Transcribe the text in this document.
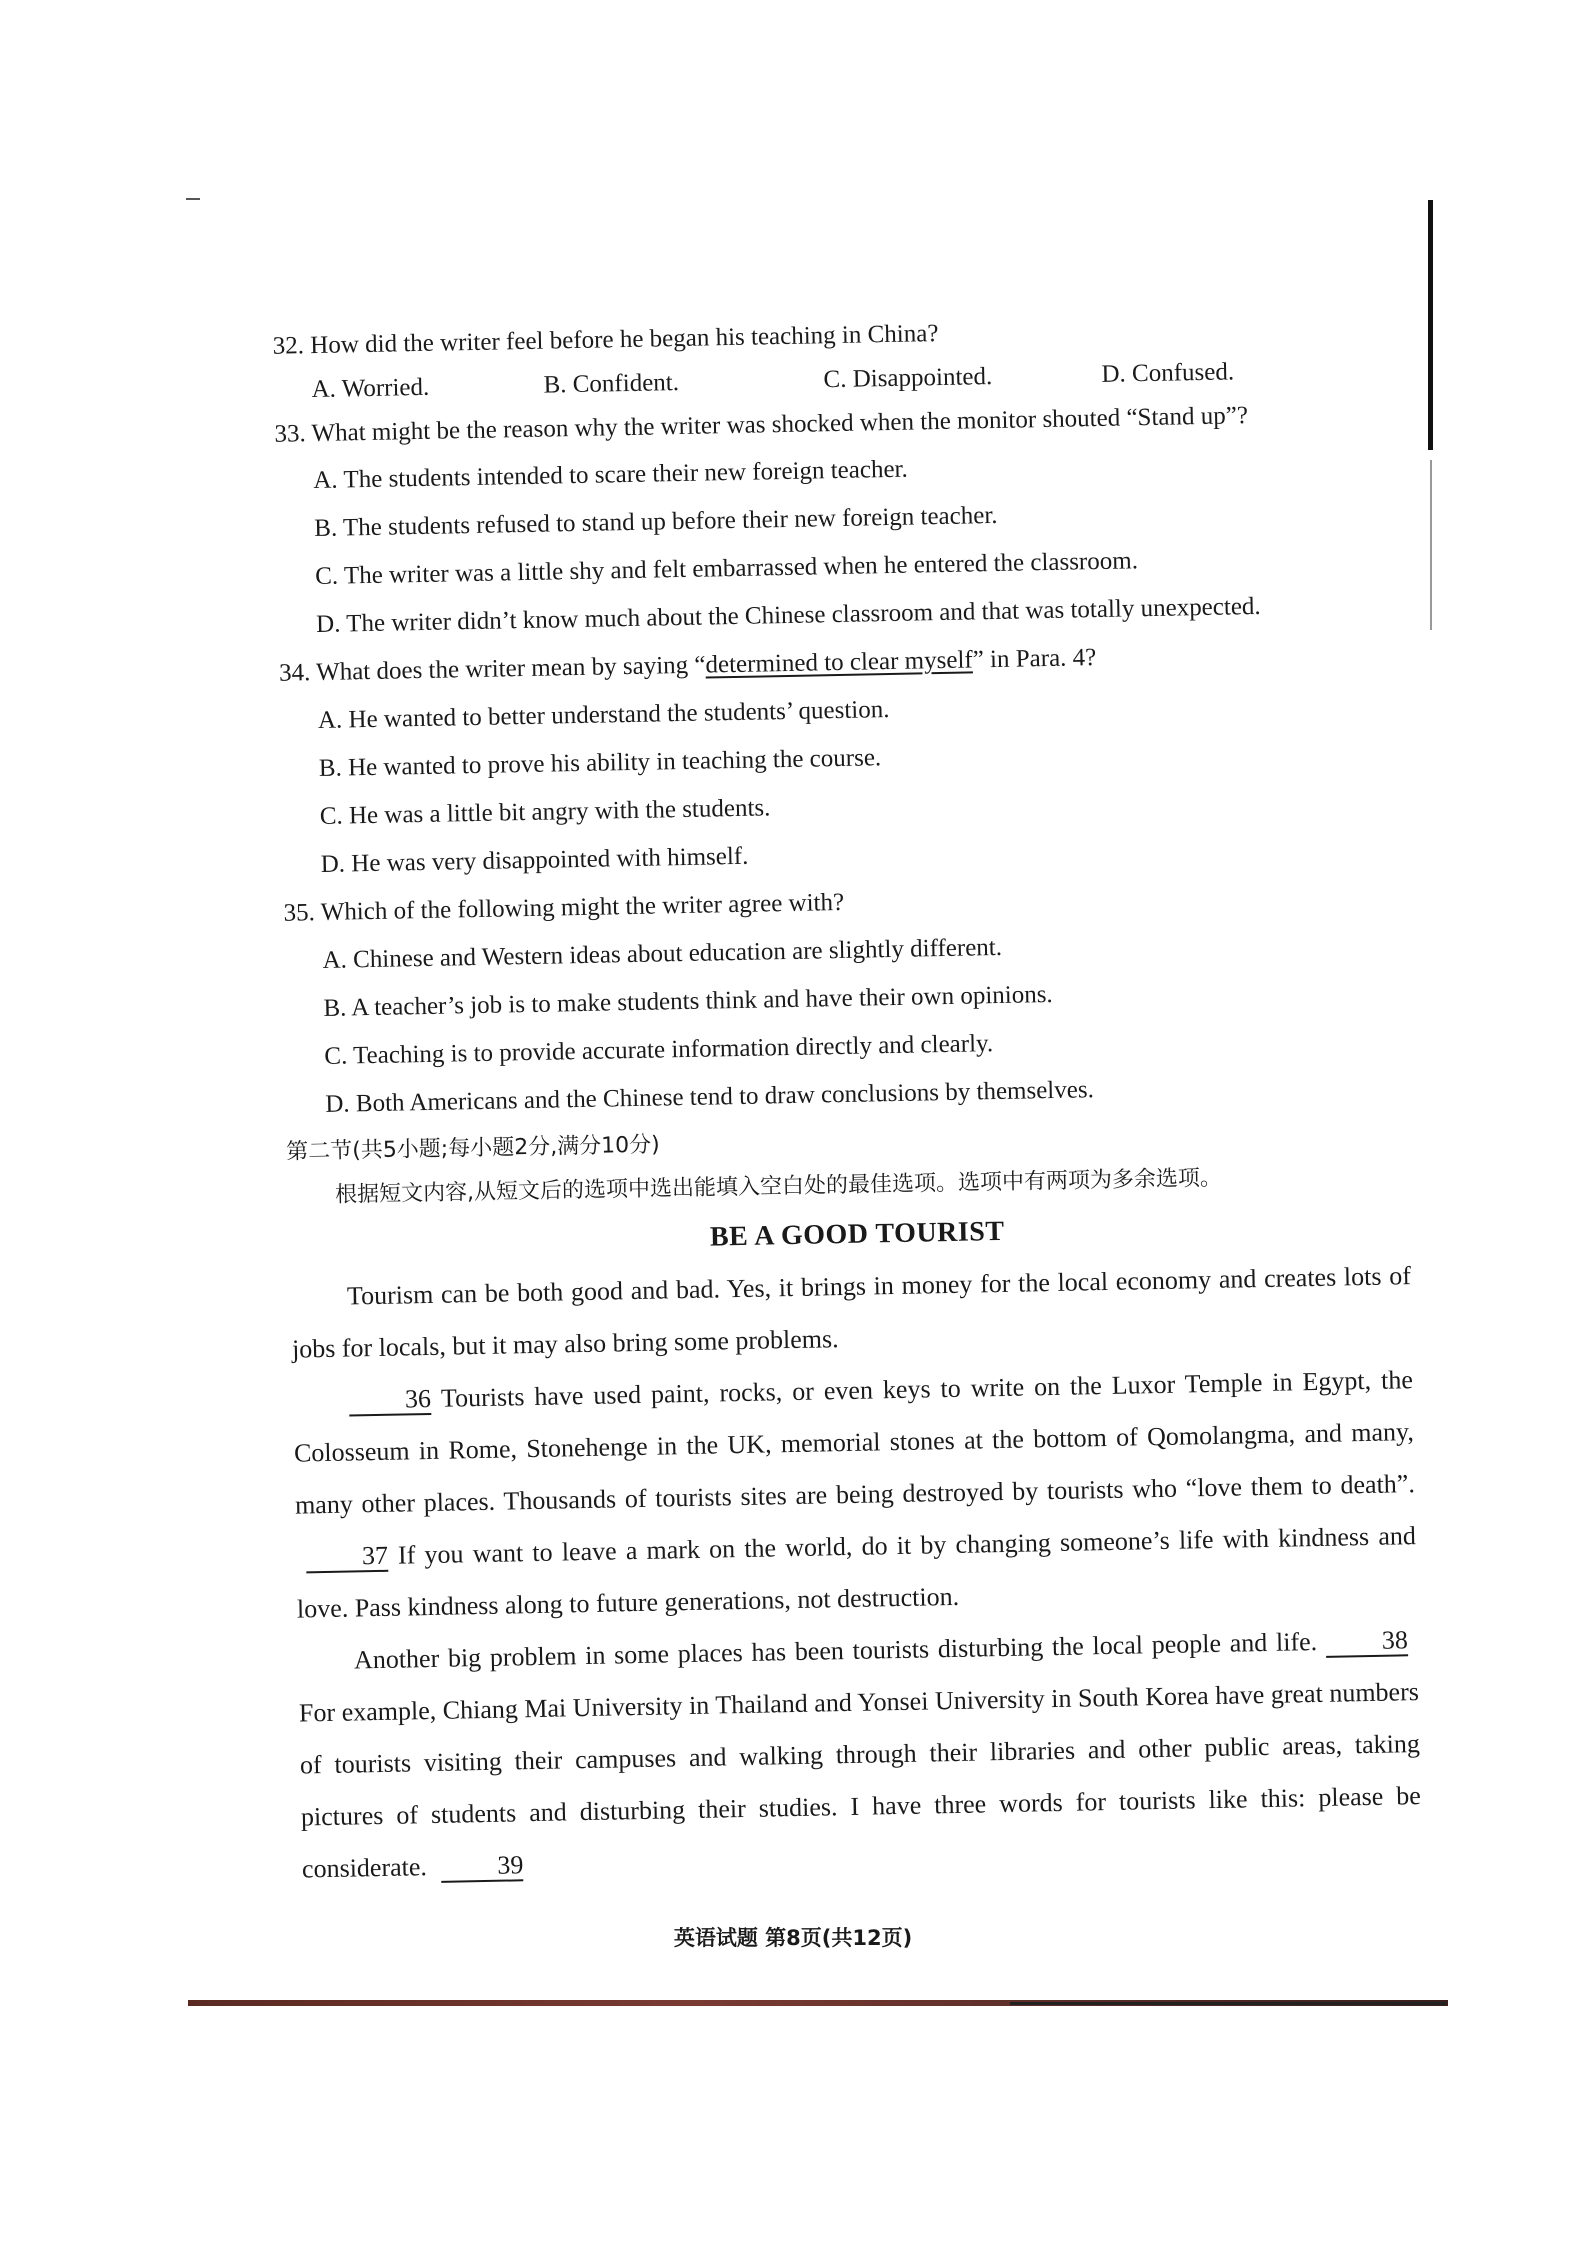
32. How did the writer feel before he began his teaching in China?
A. Worried.	B. Confident.	C. Disappointed.	D. Confused.
33. What might be the reason why the writer was shocked when the monitor shouted “Stand up”?
A. The students intended to scare their new foreign teacher.
B. The students refused to stand up before their new foreign teacher.
C. The writer was a little shy and felt embarrassed when he entered the classroom.
D. The writer didn’t know much about the Chinese classroom and that was totally unexpected.
34. What does the writer mean by saying “determined to clear myself” in Para. 4?
A. He wanted to better understand the students’ question.
B. He wanted to prove his ability in teaching the course.
C. He was a little bit angry with the students.
D. He was very disappointed with himself.
35. Which of the following might the writer agree with?
A. Chinese and Western ideas about education are slightly different.
B. A teacher’s job is to make students think and have their own opinions.
C. Teaching is to provide accurate information directly and clearly.
D. Both Americans and the Chinese tend to draw conclusions by themselves.
第二节(共5小题;每小题2分,满分10分)
根据短文内容,从短文后的选项中选出能填入空白处的最佳选项。选项中有两项为多余选项。
BE A GOOD TOURIST

Tourism can be both good and bad. Yes, it brings in money for the local economy and creates lots of jobs for locals, but it may also bring some problems.

36 Tourists have used paint, rocks, or even keys to write on the Luxor Temple in Egypt, the Colosseum in Rome, Stonehenge in the UK, memorial stones at the bottom of Qomolangma, and many, many other places. Thousands of tourists sites are being destroyed by tourists who “love them to death”. 37 If you want to leave a mark on the world, do it by changing someone’s life with kindness and love. Pass kindness along to future generations, not destruction.

Another big problem in some places has been tourists disturbing the local people and life. 38For example, Chiang Mai University in Thailand and Yonsei University in South Korea have great numbers of tourists visiting their campuses and walking through their libraries and other public areas, taking pictures of students and disturbing their studies. I have three words for tourists like this: please be considerate.	39

英语试题 第8页(共12页)
